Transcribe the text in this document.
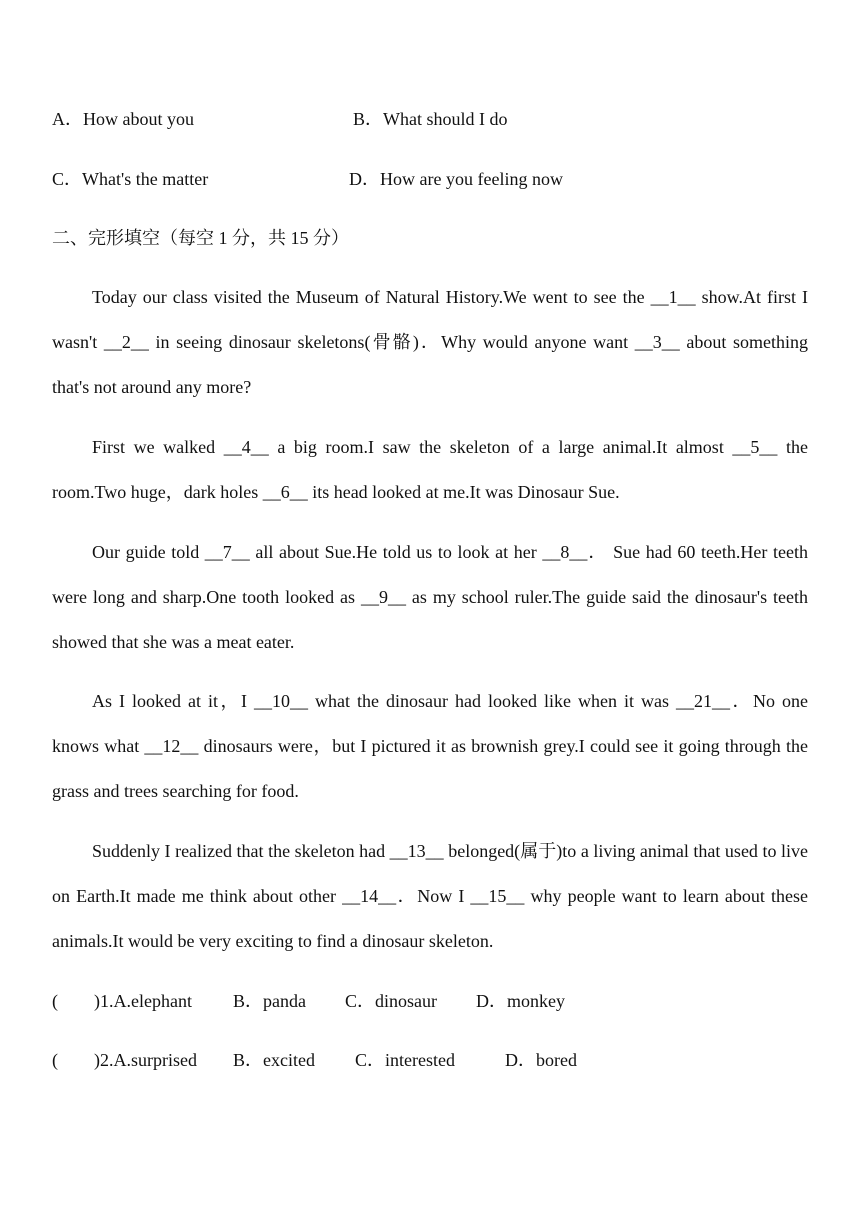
A．How about you	B．What should I do
C．What's the matter	D．How are you feeling now
二、完形填空（每空 1 分，共 15 分）

Today our class visited the Museum of Natural History.We went to see the __1__ show.At first I wasn't __2__ in seeing dinosaur skeletons(骨骼)．Why would anyone want __3__ about something that's not around any more?

First we walked __4__ a big room.I saw the skeleton of a large animal.It almost __5__ the room.Two huge，dark holes __6__ its head looked at me.It was Dinosaur Sue.

Our guide told __7__ all about Sue.He told us to look at her __8__． Sue had 60 teeth.Her teeth were long and sharp.One tooth looked as __9__ as my school ruler.The guide said the dinosaur's teeth showed that she was a meat eater.

As I looked at it，I __10__ what the dinosaur had looked like when it was __21__．No one knows what __12__ dinosaurs were，but I pictured it as brownish grey.I could see it going through the grass and trees searching for food.

Suddenly I realized that the skeleton had __13__ belonged(属于)to a living animal that used to live on Earth.It made me think about other __14__．Now I __15__ why people want to learn about these animals.It would be very exciting to find a dinosaur skeleton.

(　　)1.A.elephant B．panda C．dinosaur D．monkey
(　　)2.A.surprised B．excited C．interested	D．bored
